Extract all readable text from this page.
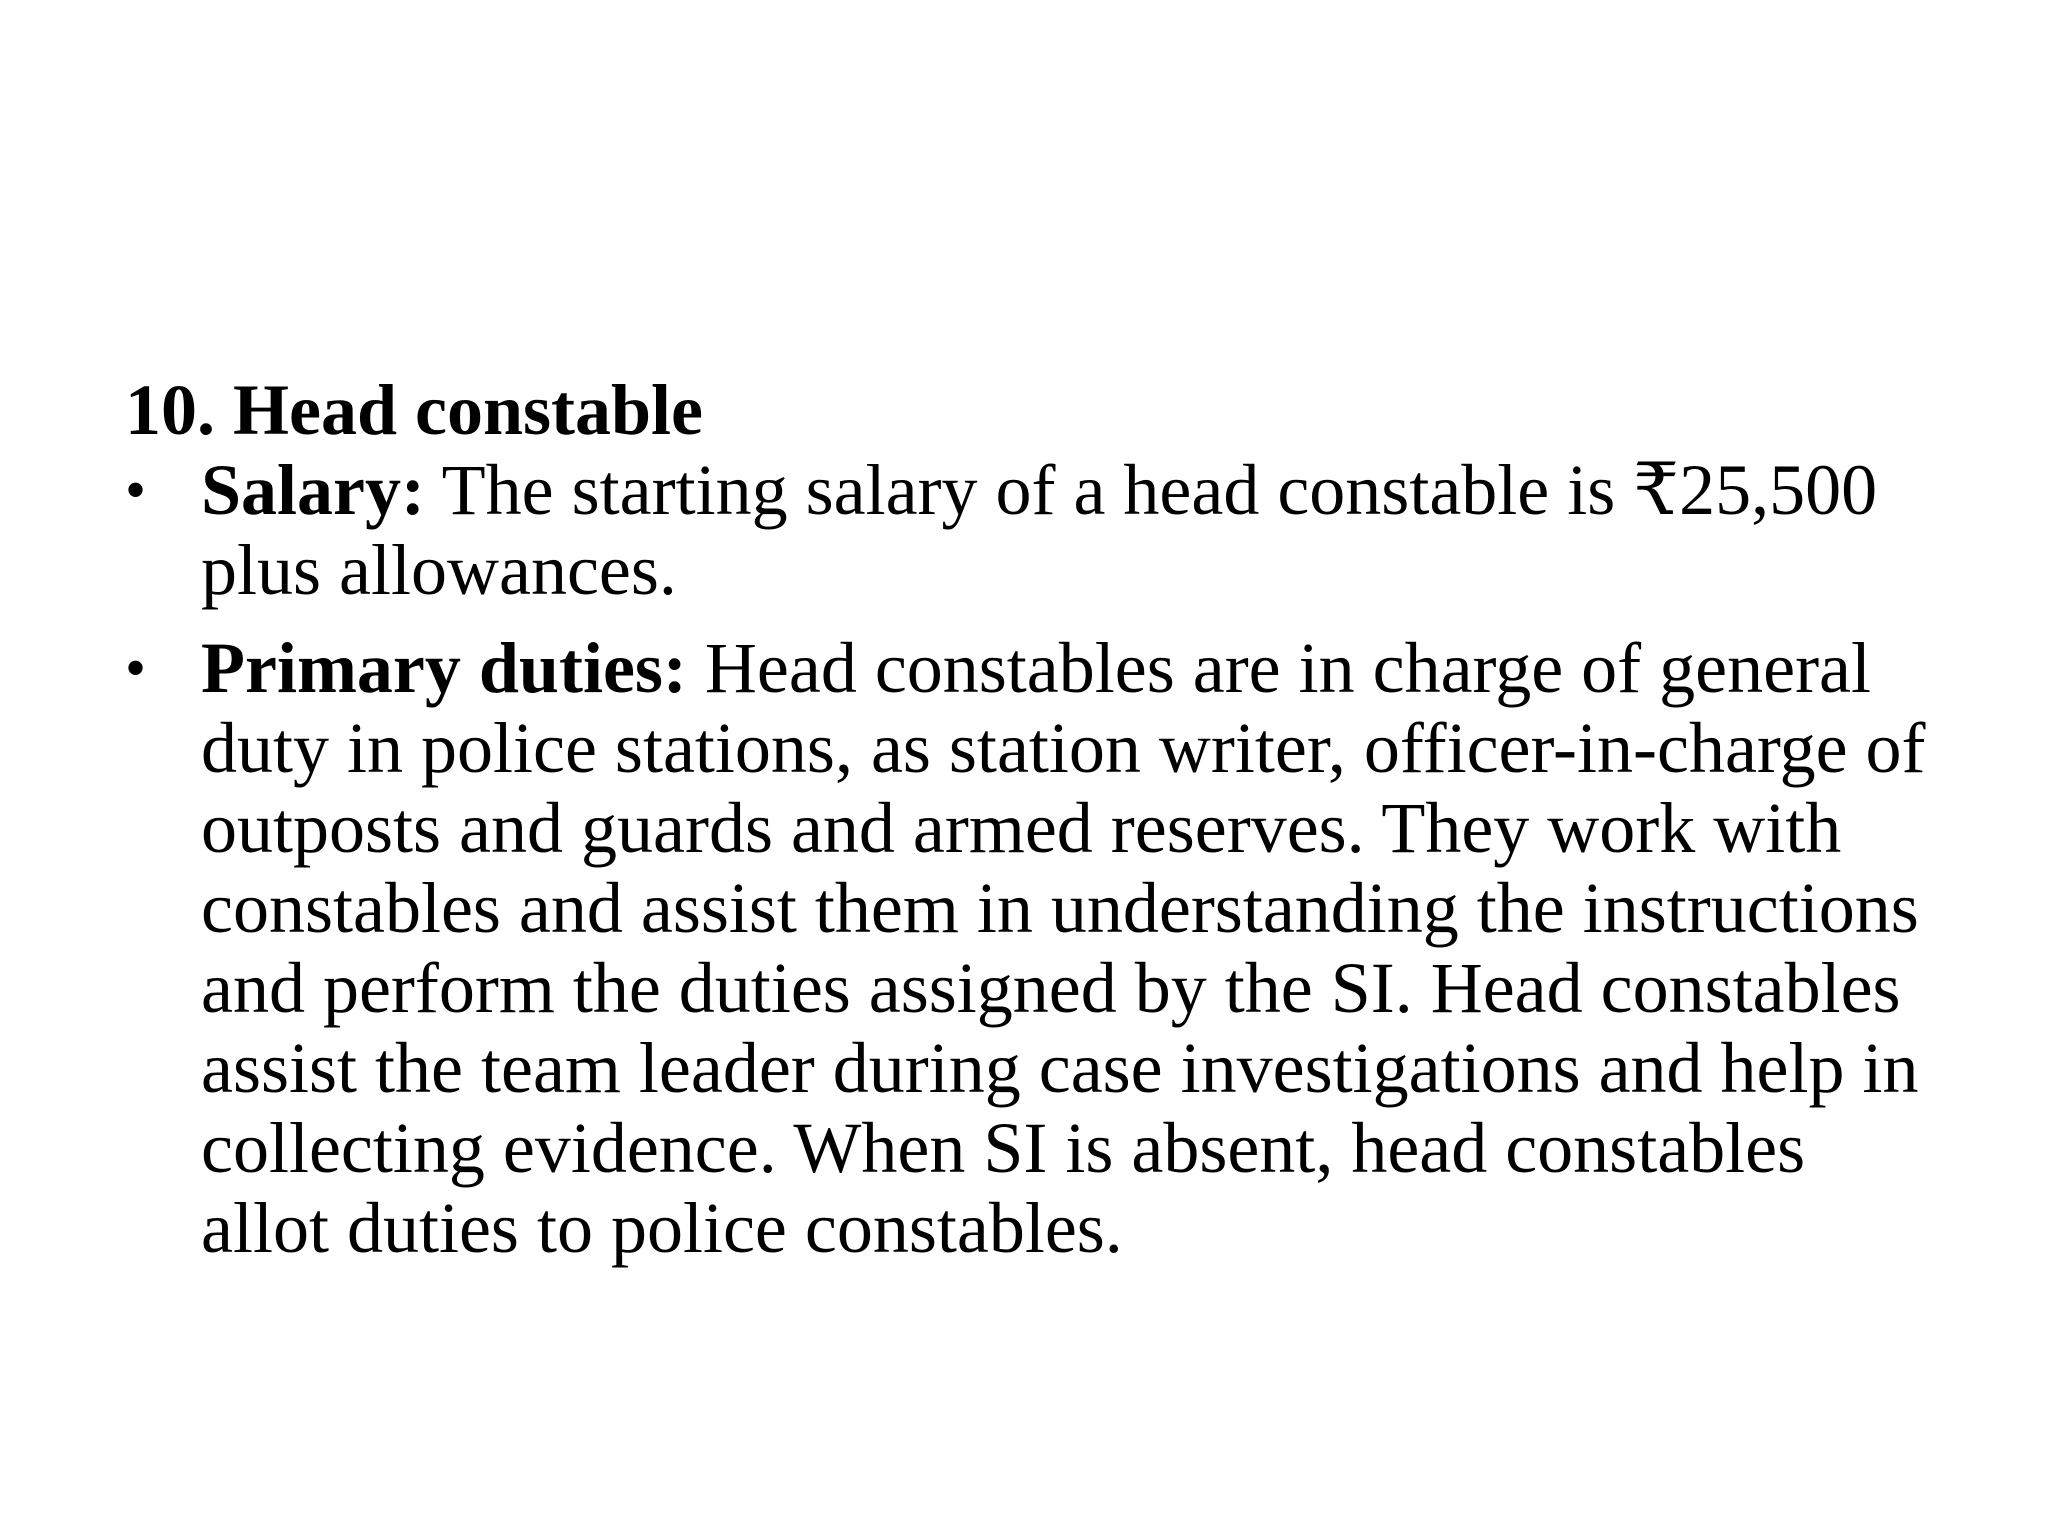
10. Head constable
• Salary: The starting salary of a head constable is ₹25,500 plus allowances.
• Primary duties: Head constables are in charge of general duty in police stations, as station writer, officer-in-charge of outposts and guards and armed reserves. They work with constables and assist them in understanding the instructions and perform the duties assigned by the SI. Head constables assist the team leader during case investigations and help in collecting evidence. When SI is absent, head constables allot duties to police constables.
